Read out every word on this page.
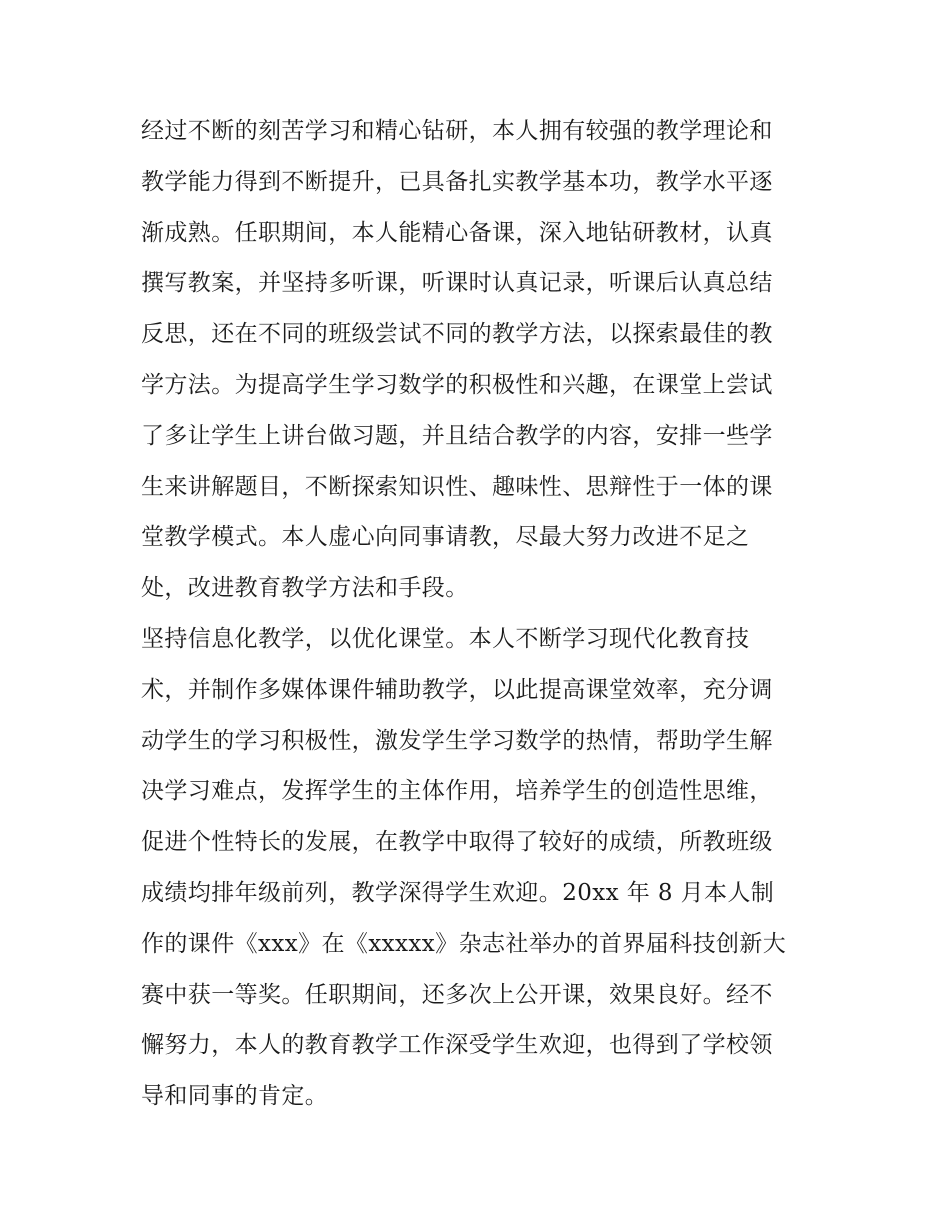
经过不断的刻苦学习和精心钻研，本人拥有较强的教学理论和
教学能力得到不断提升，已具备扎实教学基本功，教学水平逐
渐成熟。任职期间，本人能精心备课，深入地钻研教材，认真
撰写教案，并坚持多听课，听课时认真记录，听课后认真总结
反思，还在不同的班级尝试不同的教学方法，以探索最佳的教
学方法。为提高学生学习数学的积极性和兴趣，在课堂上尝试
了多让学生上讲台做习题，并且结合教学的内容，安排一些学
生来讲解题目，不断探索知识性、趣味性、思辩性于一体的课
堂教学模式。本人虚心向同事请教，尽最大努力改进不足之
处，改进教育教学方法和手段。
坚持信息化教学，以优化课堂。本人不断学习现代化教育技
术，并制作多媒体课件辅助教学，以此提高课堂效率，充分调
动学生的学习积极性，激发学生学习数学的热情，帮助学生解
决学习难点，发挥学生的主体作用，培养学生的创造性思维，
促进个性特长的发展，在教学中取得了较好的成绩，所教班级
成绩均排年级前列，教学深得学生欢迎。20xx 年 8 月本人制
作的课件《xxx》在《xxxxx》杂志社举办的首界届科技创新大
赛中获一等奖。任职期间，还多次上公开课，效果良好。经不
懈努力，本人的教育教学工作深受学生欢迎，也得到了学校领
导和同事的肯定。
